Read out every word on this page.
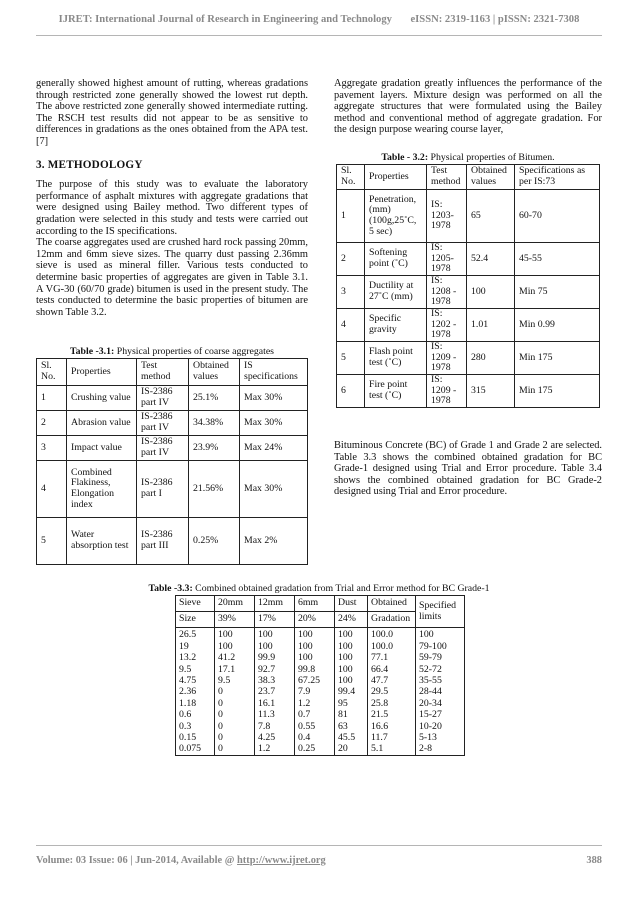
IJRET: International Journal of Research in Engineering and Technology eISSN: 2319-1163 | pISSN: 2321-7308

generally showed highest amount of rutting, whereas gradations through restricted zone generally showed the lowest rut depth. The above restricted zone generally showed intermediate rutting. The RSCH test results did not appear to be as sensitive to differences in gradations as the ones obtained from the APA test. [7]

3. METHODOLOGY

The purpose of this study was to evaluate the laboratory performance of asphalt mixtures with aggregate gradations that were designed using Bailey method. Two different types of gradation were selected in this study and tests were carried out according to the IS specifications.

The coarse aggregates used are crushed hard rock passing 20mm, 12mm and 6mm sieve sizes. The quarry dust passing 2.36mm sieve is used as mineral filler. Various tests conducted to determine basic properties of aggregates are given in Table 3.1. A VG-30 (60/70 grade) bitumen is used in the present study. The tests conducted to determine the basic properties of bitumen are shown Table 3.2.

Table -3.1: Physical properties of coarse aggregates

Sl. No.	Properties	Test method	Obtained values	IS specifications
1	Crushing value	IS-2386 part IV	25.1%	Max 30%
2	Abrasion value	IS-2386 part IV	34.38%	Max 30%
3	Impact value	IS-2386 part IV	23.9%	Max 24%
4	Combined Flakiness, Elongation index	IS-2386 part I	21.56%	Max 30%
5	Water absorption test	IS-2386 part III	0.25%	Max 2%

Aggregate gradation greatly influences the performance of the pavement layers. Mixture design was performed on all the aggregate structures that were formulated using the Bailey method and conventional method of aggregate gradation. For the design purpose wearing course layer,

Table - 3.2: Physical properties of Bitumen.

Sl. No.	Properties	Test method	Obtained values	Specifications as per IS:73
1	Penetration, (mm) (100g,25˚C, 5 sec)	IS: 1203-1978	65	60-70
2	Softening point (˚C)	IS: 1205-1978	52.4	45-55
3	Ductility at 27˚C (mm)	IS: 1208 - 1978	100	Min 75
4	Specific gravity	IS: 1202 - 1978	1.01	Min 0.99
5	Flash point test (˚C)	IS: 1209 - 1978	280	Min 175
6	Fire point test (˚C)	IS: 1209 - 1978	315	Min 175

Bituminous Concrete (BC) of Grade 1 and Grade 2 are selected. Table 3.3 shows the combined obtained gradation for BC Grade-1 designed using Trial and Error procedure. Table 3.4 shows the combined obtained gradation for BC Grade-2 designed using Trial and Error procedure.

Table -3.3: Combined obtained gradation from Trial and Error method for BC Grade-1

Sieve	20mm	12mm	6mm	Dust	Obtained	Specified limits
Size	39%	17%	20%	24%	Gradation	
26.5	100	100	100	100	100.0	100
19	100	100	100	100	100.0	79-100
13.2	41.2	99.9	100	100	77.1	59-79
9.5	17.1	92.7	99.8	100	66.4	52-72
4.75	9.5	38.3	67.25	100	47.7	35-55
2.36	0	23.7	7.9	99.4	29.5	28-44
1.18	0	16.1	1.2	95	25.8	20-34
0.6	0	11.3	0.7	81	21.5	15-27
0.3	0	7.8	0.55	63	16.6	10-20
0.15	0	4.25	0.4	45.5	11.7	5-13
0.075	0	1.2	0.25	20	5.1	2-8
Volume: 03 Issue: 06 | Jun-2014, Available @ http://www.ijret.org	388
